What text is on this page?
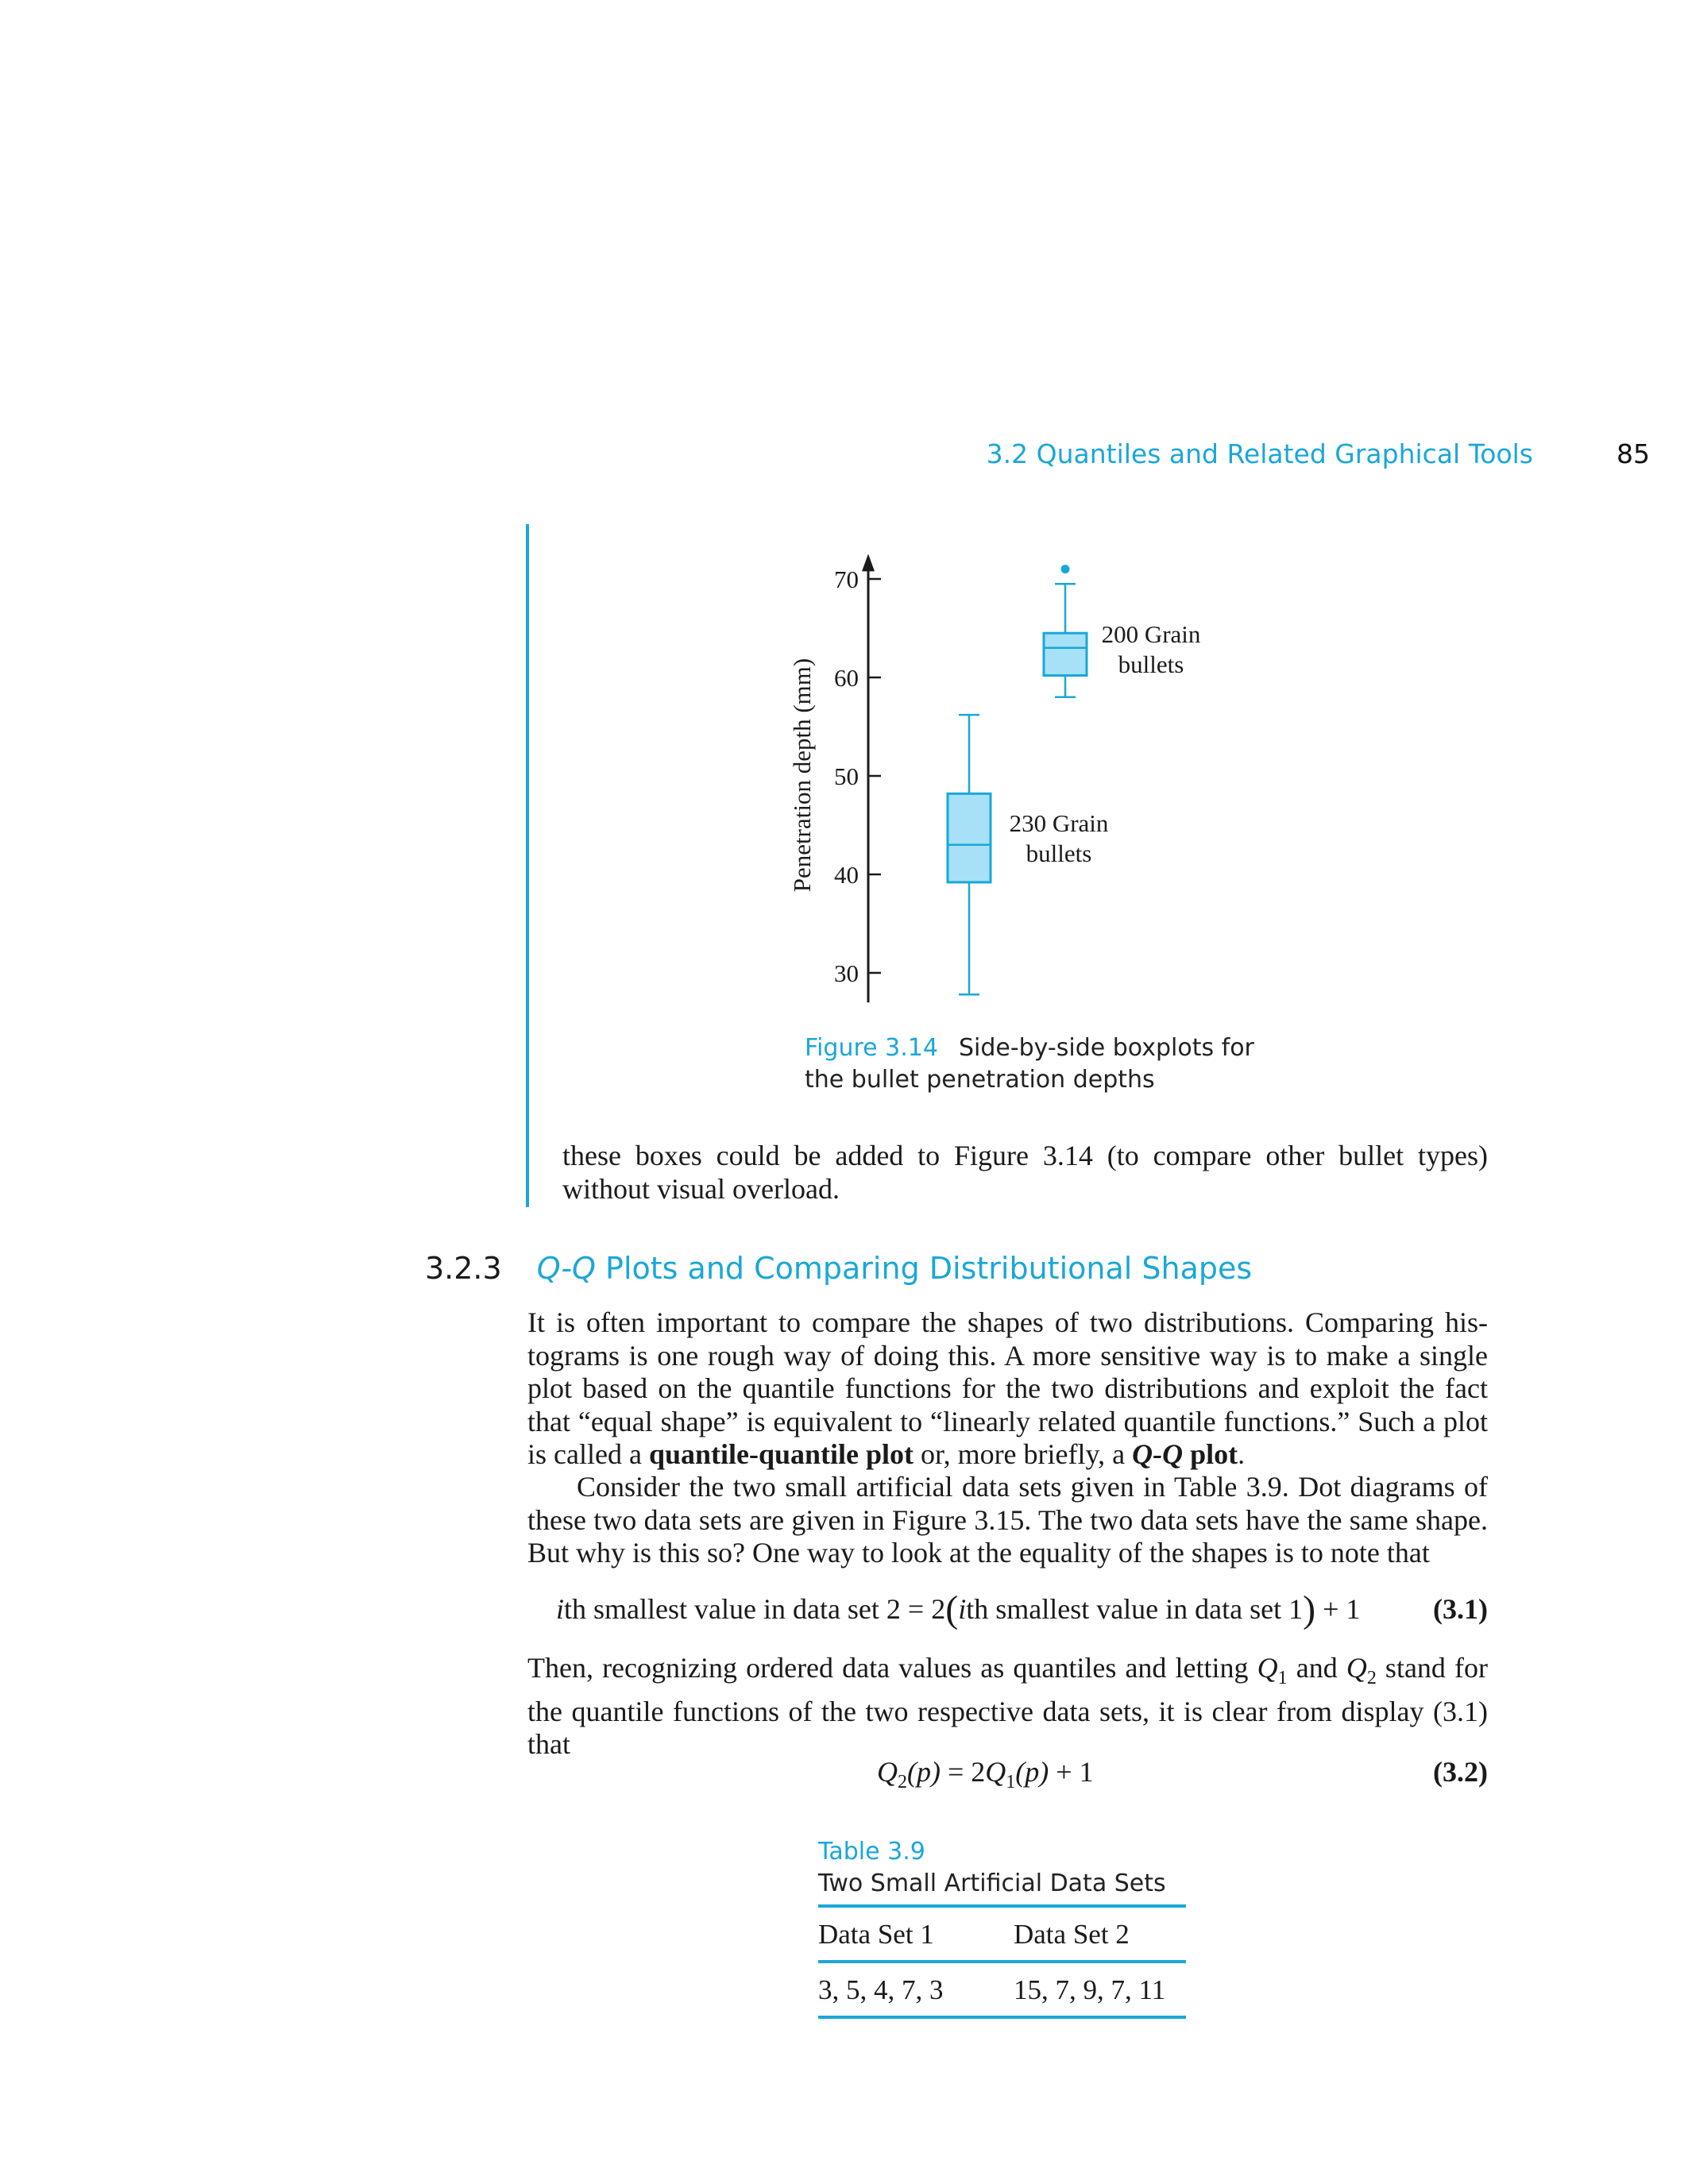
3.2 Quantiles and Related Graphical Tools	85
30
40
50
60
70
Penetration depth (mm)	230 Grain
bullets
200 Grain
bullets
Figure 3.14 Side-by-side boxplots for
the bullet penetration depths
these boxes could be added to Figure 3.14 (to compare other bullet types) without visual overload.
3.2.3 Q-Q Plots and Comparing Distributional Shapes
It is often important to compare the shapes of two distributions. Comparing histograms is one rough way of doing this. A more sensitive way is to make a single plot based on the quantile functions for the two distributions and exploit the fact that “equal shape” is equivalent to “linearly related quantile functions.” Such a plot is called a quantile-quantile plot or, more briefly, a Q-Q plot.
Consider the two small artificial data sets given in Table 3.9. Dot diagrams of these two data sets are given in Figure 3.15. The two data sets have the same shape. But why is this so? One way to look at the equality of the shapes is to note that
ith smallest value in data set 2 = 2(ith smallest value in data set 1) + 1	(3.1)
Then, recognizing ordered data values as quantiles and letting $Q_1$ and $Q_2$ stand for the quantile functions of the two respective data sets, it is clear from display (3.1) that
$Q_2(p) = 2Q_1(p) + 1$	(3.2)
Table 3.9
Two Small Artificial Data Sets
Data Set 1	Data Set 2
3, 5, 4, 7, 3	15, 7, 9, 7, 11
